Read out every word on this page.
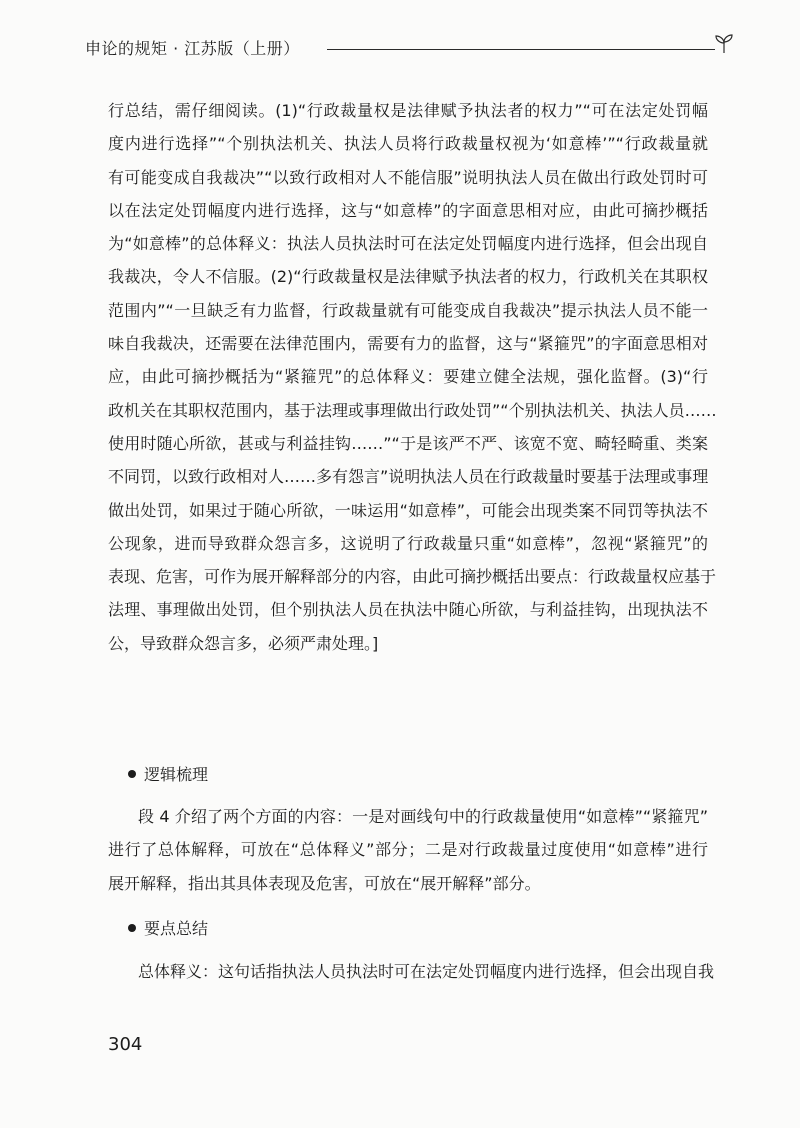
申论的规矩 · 江苏版（上册）
行总结，需仔细阅读。(1)“行政裁量权是法律赋予执法者的权力”“可在法定处罚幅
度内进行选择”“个别执法机关、执法人员将行政裁量权视为‘如意棒’”“行政裁量就
有可能变成自我裁决”“以致行政相对人不能信服”说明执法人员在做出行政处罚时可
以在法定处罚幅度内进行选择，这与“如意棒”的字面意思相对应，由此可摘抄概括
为“如意棒”的总体释义：执法人员执法时可在法定处罚幅度内进行选择，但会出现自
我裁决，令人不信服。(2)“行政裁量权是法律赋予执法者的权力，行政机关在其职权
范围内”“一旦缺乏有力监督，行政裁量就有可能变成自我裁决”提示执法人员不能一
味自我裁决，还需要在法律范围内，需要有力的监督，这与“紧箍咒”的字面意思相对
应，由此可摘抄概括为“紧箍咒”的总体释义：要建立健全法规，强化监督。(3)“行
政机关在其职权范围内，基于法理或事理做出行政处罚”“个别执法机关、执法人员……
使用时随心所欲，甚或与利益挂钩……”“于是该严不严、该宽不宽、畸轻畸重、类案
不同罚，以致行政相对人……多有怨言”说明执法人员在行政裁量时要基于法理或事理
做出处罚，如果过于随心所欲，一味运用“如意棒”，可能会出现类案不同罚等执法不
公现象，进而导致群众怨言多，这说明了行政裁量只重“如意棒”，忽视“紧箍咒”的
表现、危害，可作为展开解释部分的内容，由此可摘抄概括出要点：行政裁量权应基于
法理、事理做出处罚，但个别执法人员在执法中随心所欲，与利益挂钩，出现执法不
公，导致群众怨言多，必须严肃处理。]
逻辑梳理
段 4 介绍了两个方面的内容：一是对画线句中的行政裁量使用“如意棒”“紧箍咒”
进行了总体解释，可放在“总体释义”部分；二是对行政裁量过度使用“如意棒”进行
展开解释，指出其具体表现及危害，可放在“展开解释”部分。
要点总结
总体释义：这句话指执法人员执法时可在法定处罚幅度内进行选择，但会出现自我
304
